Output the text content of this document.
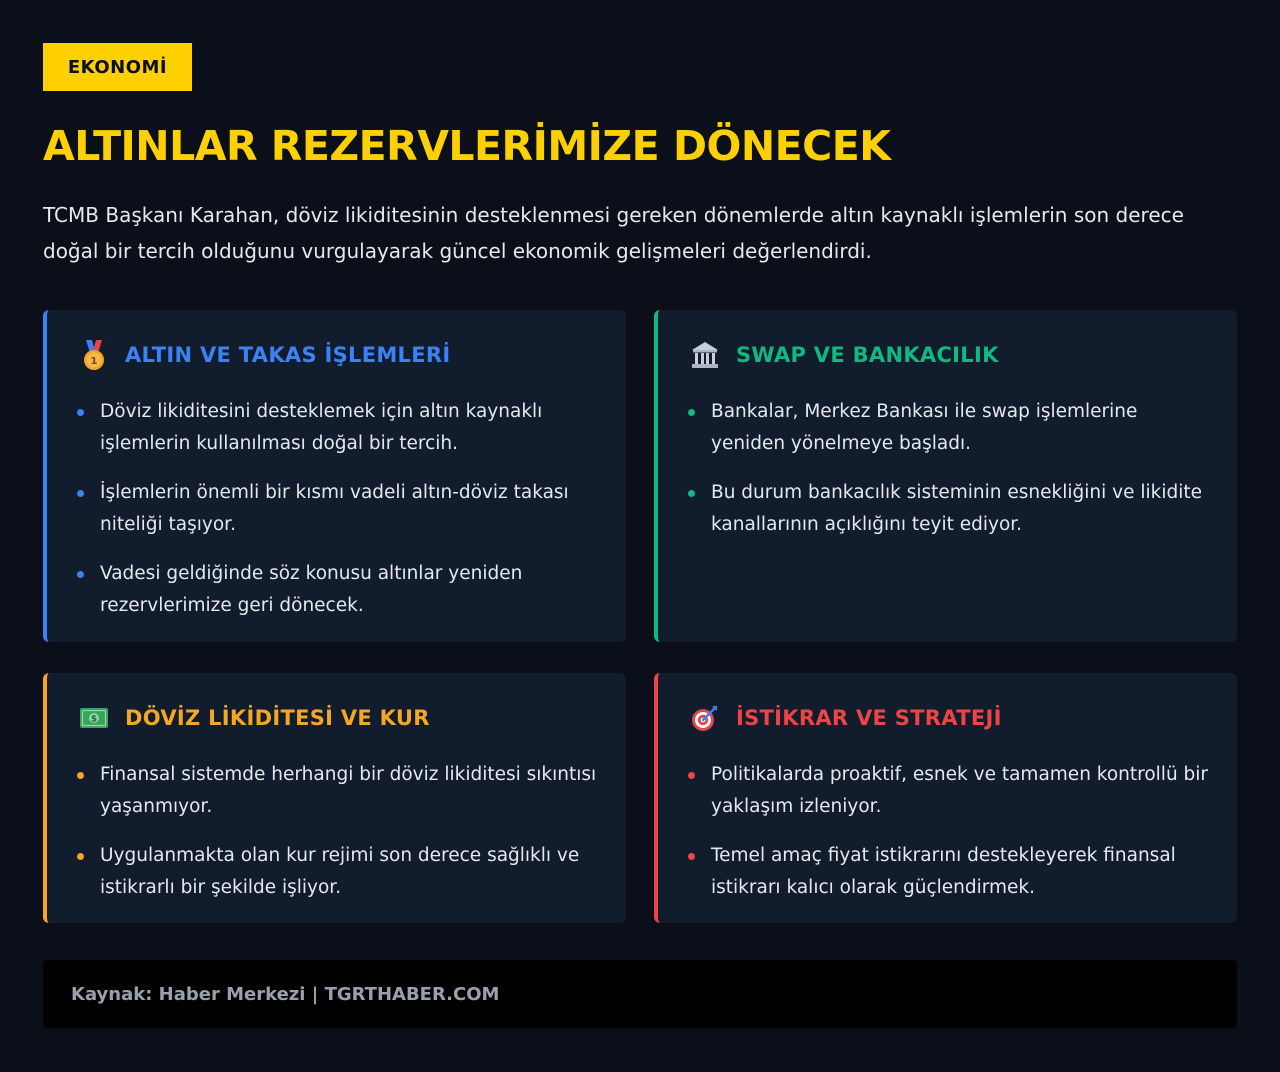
EKONOMİ
ALTINLAR REZERVLERİMİZE DÖNECEK

TCMB Başkanı Karahan, döviz likiditesinin desteklenmesi gereken dönemlerde altın kaynaklı işlemlerin son derece doğal bir tercih olduğunu vurgulayarak güncel ekonomik gelişmeleri değerlendirdi.

1 ALTIN VE TAKAS İŞLEMLERİ
Döviz likiditesini desteklemek için altın kaynaklı işlemlerin kullanılması doğal bir tercih.
İşlemlerin önemli bir kısmı vadeli altın-döviz takası niteliği taşıyor.
Vadesi geldiğinde söz konusu altınlar yeniden rezervlerimize geri dönecek.
SWAP VE BANKACILIK
Bankalar, Merkez Bankası ile swap işlemlerine yeniden yönelmeye başladı.
Bu durum bankacılık sisteminin esnekliğini ve likidite kanallarının açıklığını teyit ediyor.
$ DÖVİZ LİKİDİTESİ VE KUR
Finansal sistemde herhangi bir döviz likiditesi sıkıntısı yaşanmıyor.
Uygulanmakta olan kur rejimi son derece sağlıklı ve istikrarlı bir şekilde işliyor.
İSTİKRAR VE STRATEJİ
Politikalarda proaktif, esnek ve tamamen kontrollü bir yaklaşım izleniyor.
Temel amaç fiyat istikrarını destekleyerek finansal istikrarı kalıcı olarak güçlendirmek.
Kaynak: Haber Merkezi | TGRTHABER.COM
